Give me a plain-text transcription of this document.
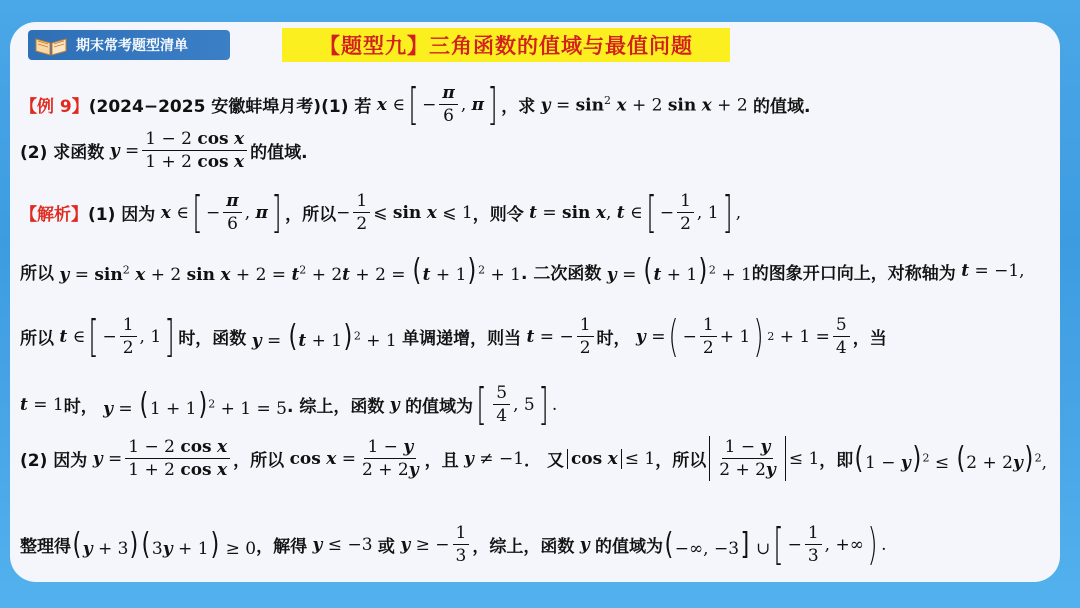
期末常考题型清单	【题型九】三角函数的值域与最值问题
【例 9】 (2024−2025 安徽蚌埠月考) (1) 若 x ∈ [ − $\frac{\pi}{6}$ , π ] ，求 $y = \sin^2 x + 2$ sin x + 2 的值域.
(2) 求函数 $y = \frac{\text{1 − 2 cos x}}{\text{1 + 2 cos x}}$ 的值域.
【解析】 (1) 因为 x ∈ [ − $\frac{\pi}{6}$ , π ] ，所以 − $\frac{1}{2}$ ⩽ sin x ⩽ 1 ，则令 t = sin x, t ∈ [ − $\frac{1}{2}$ , 1 ] ,
所以 $y = \sin^2 x + 2$ $\sin x + 2 = t^2 + 2t + 2 = (t + 1)^2 + 1$ . 二次函数 $y = (t + 1)^2 + 1$ 的图象开口向上，对称轴为 t = −1,
所以 t ∈ [ − $\frac{1}{2}$ , 1 ] 时，函数 $y = (t + 1)^2 + 1$ 单调递增，则当 t = − $\frac{1}{2}$ 时， y = ( − $\frac{1}{2} + 1$ ) $2 + 1 = \frac{5}{4}$ ，当
t = 1 时， $y = (1 + 1)^2 + 1 = 5$ . 综上，函数 y 的值域为 [ $\frac{5}{4}$ , 5 ] .
(2) 因为 $y = \frac{\text{1 − 2 cos x}}{\text{1 + 2 cos x}}$ ，所以 $\cos x = \frac{1 - y}{2 + 2y}$ ，且 y ≠ −1 ． 又 cos x ≤ 1 ，所以 $\frac{1 - y}{2 + 2y} \le 1$ ，即 $(1 - y)^2 \le (2 + 2y)^2$,
整理得 (y + 3)(3y + 1) ≥ 0 ，解得 y ≤ −3 或 y ≥ − $\frac{1}{3}$ ，综上，函数 y 的值域为 (−∞, −3] ∪ [ − $\frac{1}{3}$ , +∞ ) .
